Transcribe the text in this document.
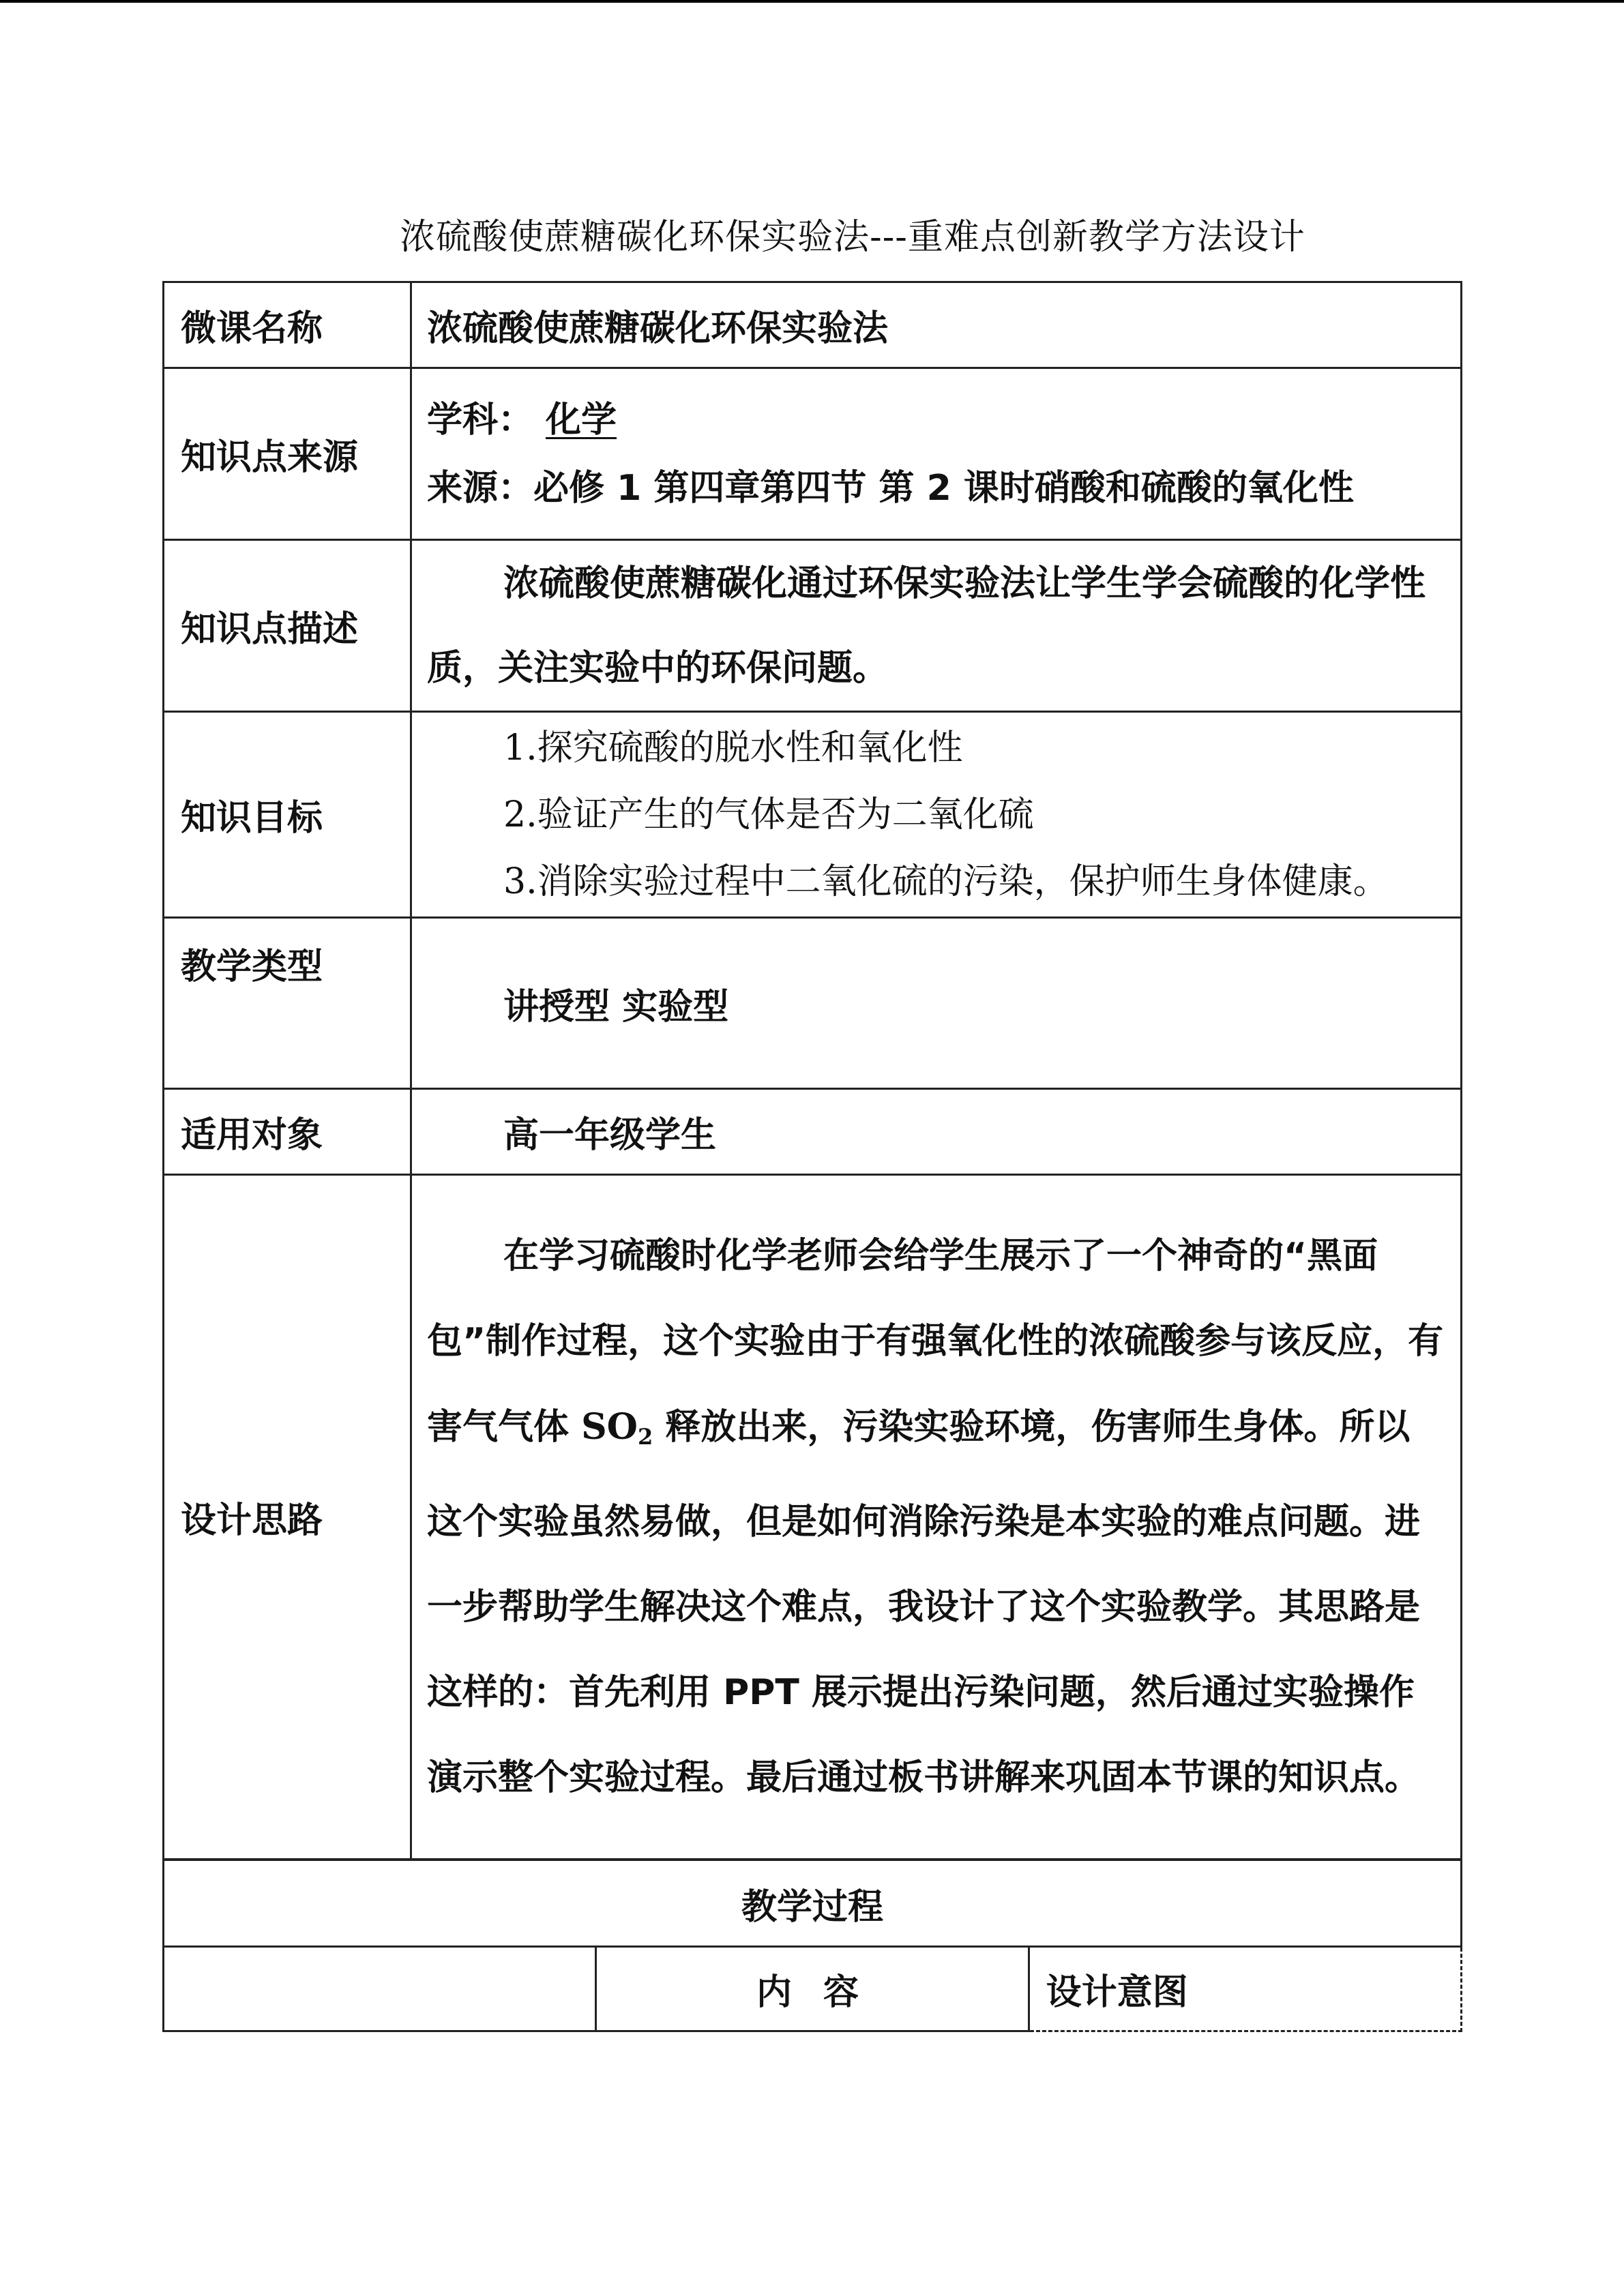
浓硫酸使蔗糖碳化环保实验法---重难点创新教学方法设计
微课名称	浓硫酸使蔗糖碳化环保实验法
知识点来源	学科： 化学
来源：必修 1 第四章第四节 第 2 课时硝酸和硫酸的氧化性

知识点描述	浓硫酸使蔗糖碳化通过环保实验法让学生学会硫酸的化学性质，关注实验中的环保问题。

知识目标	1.探究硫酸的脱水性和氧化性
2.验证产生的气体是否为二氧化硫
3.消除实验过程中二氧化硫的污染，保护师生身体健康。

教学类型	讲授型 实验型
适用对象	高一年级学生
设计思路	在学习硫酸时化学老师会给学生展示了一个神奇的“黑面包”制作过程，这个实验由于有强氧化性的浓硫酸参与该反应，有害气气体 $SO_2$ 释放出来，污染实验环境，伤害师生身体。所以这个实验虽然易做，但是如何消除污染是本实验的难点问题。进一步帮助学生解决这个难点，我设计了这个实验教学。其思路是这样的：首先利用 PPT 展示提出污染问题，然后通过实验操作演示整个实验过程。最后通过板书讲解来巩固本节课的知识点。

教学过程
	内 容	设计意图
